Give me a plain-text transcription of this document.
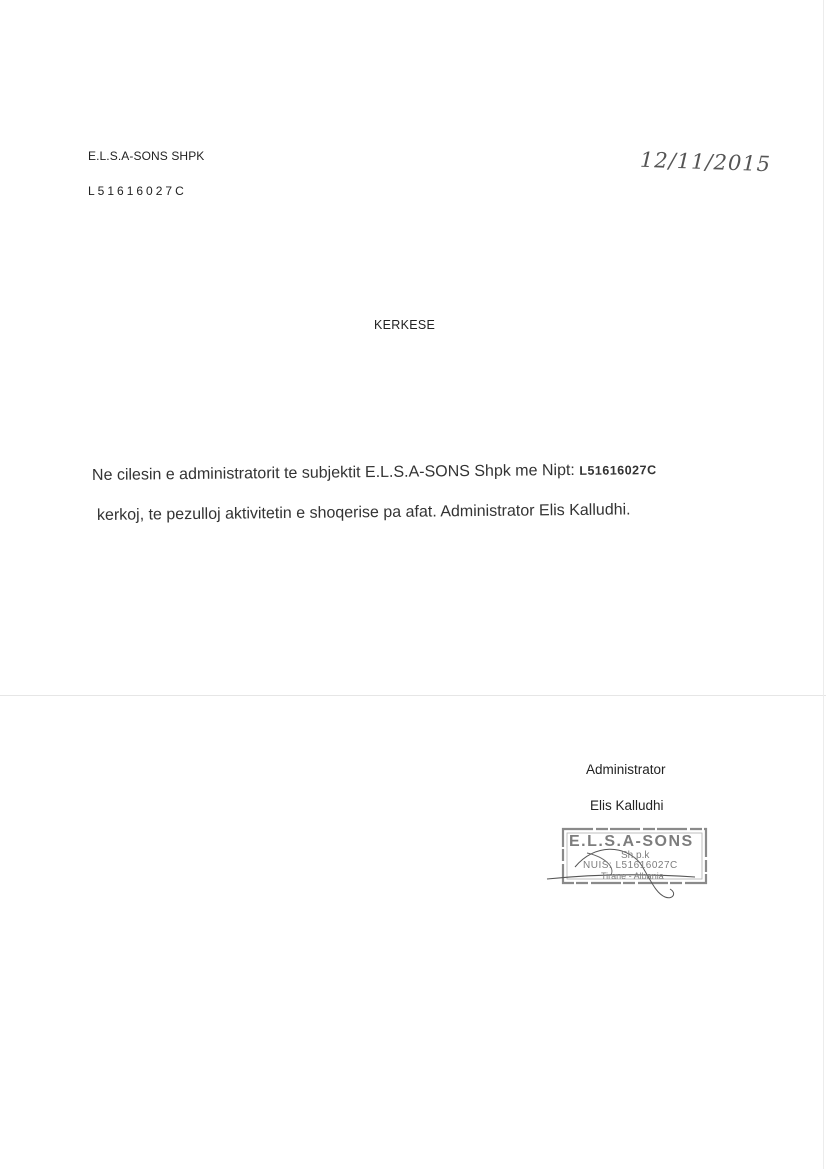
E.L.S.A-SONS SHPK
L51616027C
12/11/2015
KERKESE
Ne cilesin e administratorit te subjektit E.L.S.A-SONS Shpk me Nipt: L51616027C
kerkoj, te pezulloj aktivitetin e shoqerise pa afat. Administrator Elis Kalludhi.
Administrator
Elis Kalludhi
E.L.S.A-SONS
Sh.p.k
NUIS: L51616027C
Tirane - Albania
